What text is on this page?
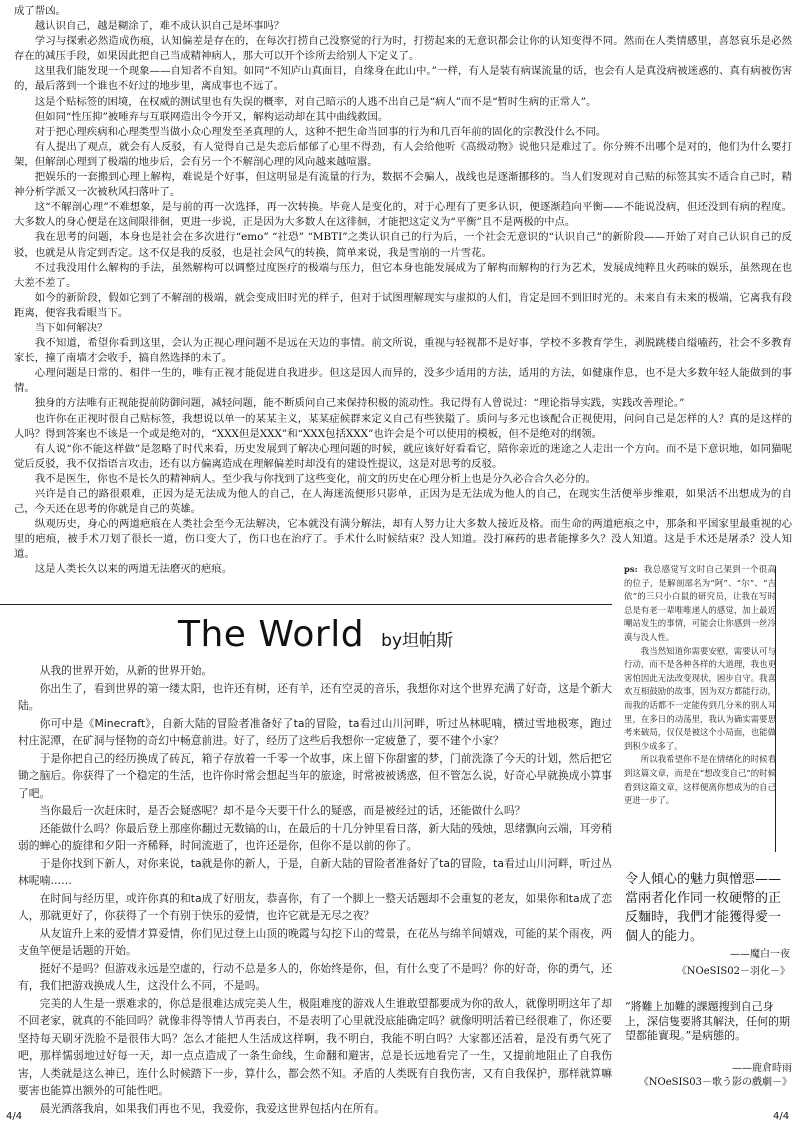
成了帮凶。

越认识自己，越是糊涂了，难不成认识自己是坏事吗？

学习与探索必然造成伤痕，认知偏差是存在的，在每次打捞自己没察觉的行为时，打捞起来的无意识都会让你的认知变得不同。然而在人类情感里，喜怒哀乐是必然存在的减压手段，如果因此把自己当成精神病人，那大可以开个诊所去给别人下定义了。

这里我们能发现一个现象——自知者不自知。如同“不知庐山真面目，自缘身在此山中。”一样，有人是装有病谋流量的话，也会有人是真没病被迷惑的、真有病被伤害的，最后落到一个谁也不好过的地步里，离成事也不远了。

这是个贴标签的困境，在权威的测试里也有失误的概率，对自己暗示的人逃不出自己是“病人”而不是“暂时生病的正常人”。

但如同“性压抑”被唾弃与互联网造出令今开又，解构运动却在其中曲线救国。

对于把心理疾病和心理类型当做小众心理发至圣真理的人，这种不把生命当回事的行为和几百年前的固化的宗教没什么不同。

有人提出了观点，就会有人反驳，有人觉得自己是失恋后郁郁了心里不得劲，有人会给他听《高级动物》说他只是难过了。你分辨不出哪个是对的，他们为什么要打架，但解剖心理到了极端的地步后，会有另一个不解剖心理的风向越来越喧嚣。

把娱乐的一套搬到心理上解构，难说是个好事，但这明显是有流量的行为，数据不会骗人，战线也是逐渐挪移的。当人们发现对自己贴的标签其实不适合自己时，精神分析学派又一次被秋风扫落叶了。

这“不解剖心理”不难想象，是与前的再一次选择，再一次转换。毕竟人是变化的，对于心理有了更多认识，便逐渐趋向平衡——不能说没病，但还没到有病的程度。大多数人的身心便是在这间限徘徊，更进一步说，正是因为大多数人在这徘徊，才能把这定义为“平衡”且不是两极的中点。

我在思考的问题，本身也是社会在多次进行“emo” “社恐” “MBTI”之类认识自己的行为后，一个社会无意识的“认识自己”的新阶段——开始了对自己认识自己的反驳，也就是从肯定到否定。这不仅是我的反驳，也是社会风气的转换，简单来说，我是雪崩的一片雪花。

不过我没用什么解构的手法，虽然解构可以调整过度医疗的极端与压力，但它本身也能发展成为了解构而解构的行为艺术，发展成纯粹且火药味的娱乐，虽然现在也大差不差了。

如今的新阶段，假如它到了不解剖的极端，就会变成旧时光的样子，但对于试图理解现实与虚拟的人们，肯定是回不到旧时光的。未来自有未来的极端，它离我有段距离，便容我看眼当下。

当下如何解决？

我不知道，希望你看到这里，会认为正视心理问题不是远在天边的事情。前文所说，重视与轻视都不是好事，学校不多教育学生，剥脱跳楼自缢嗑药，社会不多教育家长，撞了南墙才会收手，搞自然选择的未了。

心理问题是日常的、相伴一生的，唯有正视才能促进自我进步。但这是因人而异的，没多少适用的方法，适用的方法，如健康作息，也不是大多数年轻人能做到的事情。

独身的方法唯有正视能提前防御问题，减轻问题，能不断质问自己来保持积极的流动性。我记得有人曾说过：“理论指导实践，实践改善理论。”

也许你在正视时很自己贴标签，我想说以单一的某某主义，某某症候群来定义自己有些狭隘了。质问与多元也该配合正视使用，问问自己是怎样的人？真的是这样的人吗？得到答案也不该是一个或是绝对的，“XXX但是XXX”和“XXX包括XXX”也许会是个可以使用的模板，但不是绝对的纲领。

有人说“你不能这样做”是忽略了时代来看，历史发展到了解决心理问题的时候，就应该好好看看它，陪你亲近的迷途之人走出一个方向。而不是下意识地，如同猫呢觉后反驳，我不仅指语言攻击，还有以方偏离造成在理解偏差时却没有的建设性提议，这是对思考的反驳。

我不是医生，你也不是长久的精神病人。至少我与你找到了这些变化，前文的历史在心理分析上也是分久必合合久必分的。

兴许是自己的路很艰难，正因为是无法成为他人的自己，在人海迷流便形只影单，正因为是无法成为他人的自己，在现实生活便举步维艰，如果活不出想成为的自己，今天还在思考的你就是自己的英雄。

纵观历史，身心的两道疤痕在人类社会至今无法解决，它本就没有满分解法，却有人努力让大多数人接近及格。而生命的两道疤痕之中，那条和平国家里最重视的心里的疤痕，被手术刀划了很长一道，伤口变大了，伤口也在治疗了。手术什么时候结束？没人知道。没打麻药的患者能撑多久？没人知道。这是手术还是屠杀？没人知道。

这是人类长久以来的两道无法磨灭的疤痕。

The World by坦帕斯

从我的世界开始，从新的世界开始。

你出生了，看到世界的第一缕太阳，也许还有树，还有羊，还有空灵的音乐，我想你对这个世界充满了好奇，这是个新大陆。

你可中是《Minecraft》，自新大陆的冒险者准备好了ta的冒险，ta看过山川河畔，听过丛林呢喃，横过雪地极寒，跑过村庄泥潭，在矿洞与怪物的奇幻中畅意前进。好了，经历了这些后我想你一定疲惫了，要不建个小家？

于是你把自己的经历换成了砖瓦，箱子存放着一千零一个故事，床上留下你甜蜜的梦，门前洗涤了今天的计划，然后把它锄之脑后。你获得了一个稳定的生活，也许你时常会想起当年的旅途，时常被被诱惑，但不管怎么说，好奇心早就换成小算事了吧。

当你最后一次赶床时，是否会疑惑呢？却不是今天要干什么的疑惑，而是被经过的话，还能做什么吗？

还能做什么吗？你最后登上那座你翻过无数镐的山，在最后的十几分钟里看日落，新大陆的残烛，思绪飘向云端，耳旁稍弱的蝉心的旋律和夕阳一齐稀释，时间流逝了，也许还是你，但你不是以前的你了。

于是你找到下新人，对你来说，ta就是你的新人，于是，自新大陆的冒险者准备好了ta的冒险，ta看过山川河畔，听过丛林呢喃……

在时间与经历里，或许你真的和ta成了好朋友，恭喜你，有了一个脚上一整天话题却不会重复的老友，如果你和ta成了恋人，那就更好了，你获得了一个有别于快乐的爱情，也许它就是无尽之夜？

从友谊升上来的爱情才算爱情，你们见过登上山顶的晚霞与勾挖下山的莺景，在花丛与绵羊间嬉戏，可能的某个雨夜，两支鱼竿便是话题的开始。

挺好不是吗？但游戏永远是空虚的，行动不总是多人的，你始终是你，但，有什么变了不是吗？你的好奇，你的勇气，还有，我们把游戏换成人生，这没什么不同，不是吗。

完美的人生是一票难求的，你总是很难达成完美人生，极阻难度的游戏人生谁敢望都要成为你的敌人，就像明明这年了却不回老家，就真的不能回吗？就像非得等情人节再表白，不是表明了心里就没底能确定吗？就像明明活着已经很难了，你还要坚持每天刷牙洗脸不是很伟大吗？怎么才能把人生活成这样啊，我不明白，我能不明白吗？大家都还活着，是没有勇气死了吧，那样懦弱地过好每一天，却一点点造成了一条生命线，生命翻和避害，总是长远地看完了一生，又提前地阻止了自我伤害，人类就是这么神已，连什么时候踏下一步，算什么，都会然不知。矛盾的人类既有自我伤害，又有自我保护，那样就算嘛要害也能算出额外的可能性吧。

晨光洒落我肩，如果我们再也不见，我爱你，我爱这世界包括内在所有。

ps: 我总感觉写文时自己架到一个很高的位子，是解剖部名为“阿”、“尔”、“吉依”的三只小白鼠的研究员，让我在写时总是有老一辈唯唯递人的感觉，加上最近嘲站发生的事情，可能会让你感到一丝冷漠与没人性。

我当然知道你需要安慰，需要认可与行动，而不是各种各样的大道理，我也更害怕因此无法改变现状，困步自守。我喜欢互相鼓励的故事，因为双方都能行动，而我的话都不一定能传到几分米的别人耳里，在多日的动荡里，我认为确实需要思考来破局，仅仅是被这个小局面，也能做到积少成多了。

所以我希望你不是在情绪化的时候看到这篇文章，而是在“想改变自己”的时候看到这篇文章，这样便离你想成为的自己更进一步了。

令人傾心的魅力與憎惡——當兩者化作同一枚硬幣的正反麵時，我們才能獲得愛一個人的能力。
——魔白一夜
《NOeSIS02－羽化－》
“將難上加難的課題搜到自己身上，深信隻要將其解決，任何的期望都能實現。”是病態的。
——鹿倉時雨
《NOeSIS03－歌う影の戲劇－》
4/4	4/4
